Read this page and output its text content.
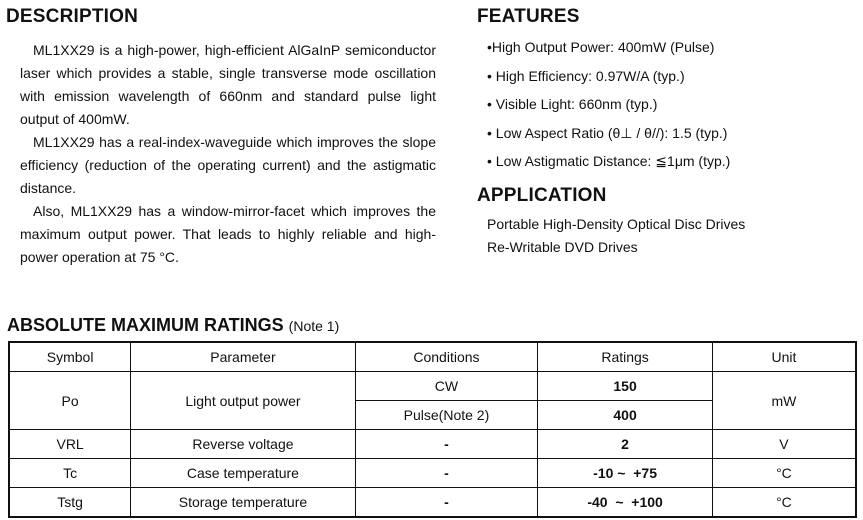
DESCRIPTION

ML1XX29 is a high-power, high-efficient AlGaInP semiconductor laser which provides a stable, single transverse mode oscillation with emission wavelength of 660nm and standard pulse light output of 400mW.

ML1XX29 has a real-index-waveguide which improves the slope efficiency (reduction of the operating current) and the astigmatic distance.

Also, ML1XX29 has a window-mirror-facet which improves the maximum output power. That leads to highly reliable and high-power operation at 75 °C.

FEATURES
•High Output Power: 400mW (Pulse)
• High Efficiency: 0.97W/A (typ.)
• Visible Light: 660nm (typ.)
• Low Aspect Ratio (θ⊥ / θ//): 1.5 (typ.)
• Low Astigmatic Distance: ≦1μm (typ.)
APPLICATION
Portable High-Density Optical Disc Drives
Re-Writable DVD Drives
ABSOLUTE MAXIMUM RATINGS (Note 1)
Symbol	Parameter	Conditions	Ratings	Unit
Po	Light output power	CW	150	mW
		Pulse(Note 2)	400	
VRL	Reverse voltage	-	2	V
Tc	Case temperature	-	-10 ~  +75	°C
Tstg	Storage temperature	-	-40  ~  +100	°C
